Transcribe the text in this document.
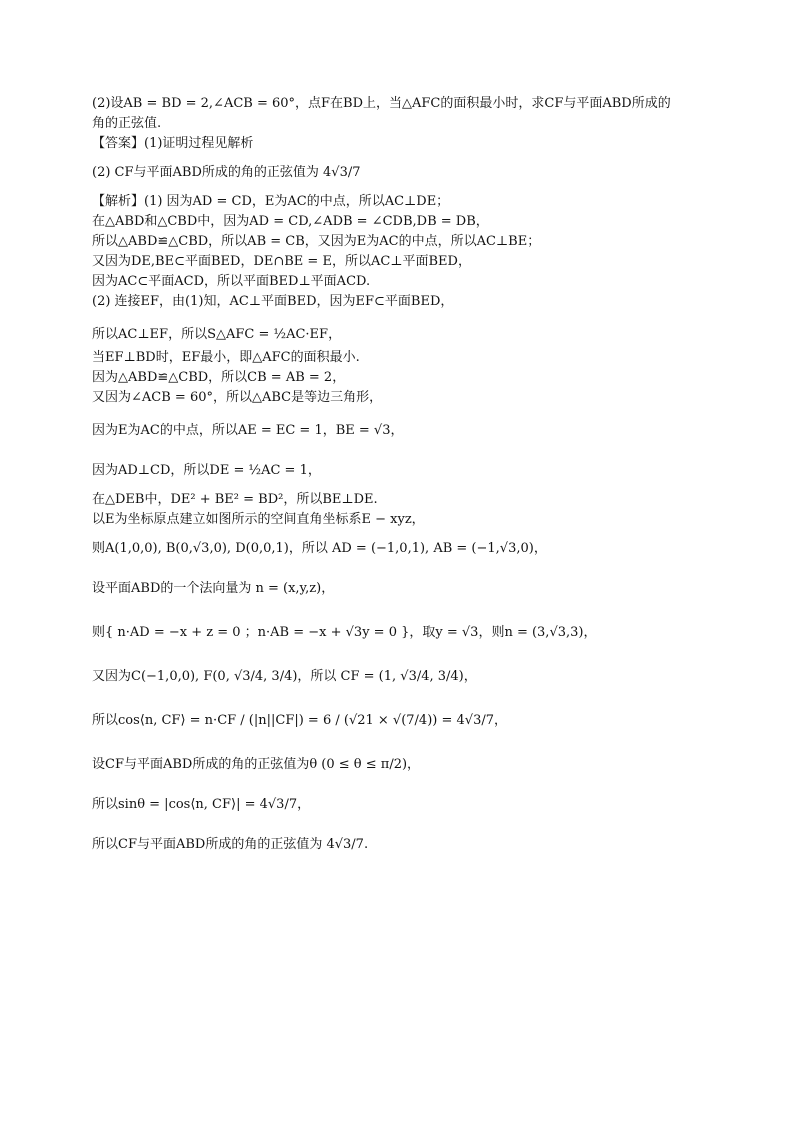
(2)设AB = BD = 2,∠ACB = 60°，点F在BD上，当△AFC的面积最小时，求CF与平面ABD所成的

角的正弦值.

【答案】(1)证明过程见解析

(2) CF与平面ABD所成的角的正弦值为 4√3/7

【解析】(1) 因为AD = CD，E为AC的中点，所以AC⊥DE；

在△ABD和△CBD中，因为AD = CD,∠ADB = ∠CDB,DB = DB，

所以△ABD≌△CBD，所以AB = CB，又因为E为AC的中点，所以AC⊥BE；

又因为DE,BE⊂平面BED，DE∩BE = E，所以AC⊥平面BED，

因为AC⊂平面ACD，所以平面BED⊥平面ACD.

(2) 连接EF，由(1)知，AC⊥平面BED，因为EF⊂平面BED，

所以AC⊥EF，所以S△AFC = ½AC·EF，

当EF⊥BD时，EF最小，即△AFC的面积最小.

因为△ABD≌△CBD，所以CB = AB = 2，

又因为∠ACB = 60°，所以△ABC是等边三角形，

因为E为AC的中点，所以AE = EC = 1，BE = √3，

因为AD⊥CD，所以DE = ½AC = 1，

在△DEB中，DE² + BE² = BD²，所以BE⊥DE.

以E为坐标原点建立如图所示的空间直角坐标系E − xyz，

则A(1,0,0), B(0,√3,0), D(0,0,1)，所以 AD = (−1,0,1), AB = (−1,√3,0)，

设平面ABD的一个法向量为 n = (x,y,z)，

则{ n·AD = −x + z = 0 ；n·AB = −x + √3y = 0 }，取y = √3，则n = (3,√3,3)，

又因为C(−1,0,0), F(0, √3/4, 3/4)，所以 CF = (1, √3/4, 3/4)，

所以cos⟨n, CF⟩ = n·CF / (|n||CF|) = 6 / (√21 × √(7/4)) = 4√3/7，

设CF与平面ABD所成的角的正弦值为θ (0 ≤ θ ≤ π/2)，

所以sinθ = |cos⟨n, CF⟩| = 4√3/7，

所以CF与平面ABD所成的角的正弦值为 4√3/7.
